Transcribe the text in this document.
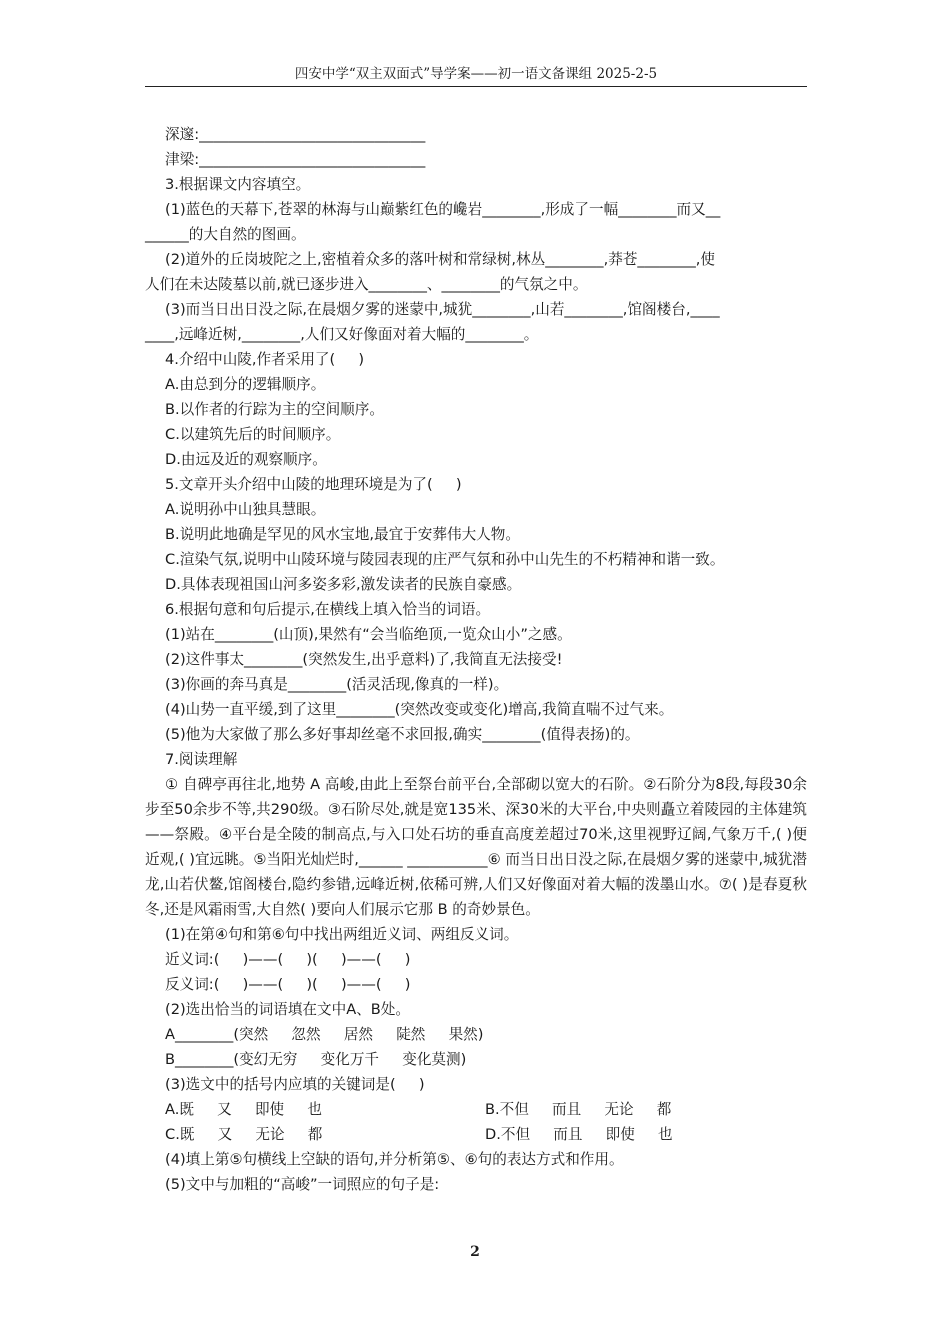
四安中学“双主双面式”导学案——初一语文备课组 2025-2-5
深邃:_______________________________
津梁:_______________________________
3.根据课文内容填空。
(1)蓝色的天幕下,苍翠的林海与山巅紫红色的巉岩________,形成了一幅________而又__
______的大自然的图画。
(2)道外的丘岗坡陀之上,密植着众多的落叶树和常绿树,林丛________,莽苍________,使
人们在未达陵墓以前,就已逐步进入________、________的气氛之中。
(3)而当日出日没之际,在晨烟夕雾的迷蒙中,城犹________,山若________,馆阁楼台,____
____,远峰近树,________,人们又好像面对着大幅的________。
4.介绍中山陵,作者采用了(     )
A.由总到分的逻辑顺序。
B.以作者的行踪为主的空间顺序。
C.以建筑先后的时间顺序。
D.由远及近的观察顺序。
5.文章开头介绍中山陵的地理环境是为了(     )
A.说明孙中山独具慧眼。
B.说明此地确是罕见的风水宝地,最宜于安葬伟大人物。
C.渲染气氛,说明中山陵环境与陵园表现的庄严气氛和孙中山先生的不朽精神和谐一致。
D.具体表现祖国山河多姿多彩,激发读者的民族自豪感。
6.根据句意和句后提示,在横线上填入恰当的词语。
(1)站在________(山顶),果然有“会当临绝顶,一览众山小”之感。
(2)这件事太________(突然发生,出乎意料)了,我简直无法接受!
(3)你画的奔马真是________(活灵活现,像真的一样)。
(4)山势一直平缓,到了这里________(突然改变或变化)增高,我简直喘不过气来。
(5)他为大家做了那么多好事却丝毫不求回报,确实________(值得表扬)的。
7.阅读理解
① 自碑亭再往北,地势 A 高峻,由此上至祭台前平台,全部砌以宽大的石阶。②石阶分为8段,每段30余步至50余步不等,共290级。③石阶尽处,就是宽135米、深30米的大平台,中央则矗立着陵园的主体建筑——祭殿。④平台是全陵的制高点,与入口处石坊的垂直高度差超过70米,这里视野辽阔,气象万千,( )便近观,( )宜远眺。⑤当阳光灿烂时,______ ___________⑥ 而当日出日没之际,在晨烟夕雾的迷蒙中,城犹潜龙,山若伏鳌,馆阁楼台,隐约参错,远峰近树,依稀可辨,人们又好像面对着大幅的泼墨山水。⑦( )是春夏秋冬,还是风霜雨雪,大自然( )要向人们展示它那 B 的奇妙景色。
(1)在第④句和第⑥句中找出两组近义词、两组反义词。
近义词:(     )——(     )(     )——(     )
反义词:(     )——(     )(     )——(     )
(2)选出恰当的词语填在文中A、B处。
A________(突然     忽然     居然     陡然     果然)
B________(变幻无穷     变化万千     变化莫测)
(3)选文中的括号内应填的关键词是(     )
A.既     又     即使     也	B.不但     而且     无论     都
C.既     又     无论     都	D.不但     而且     即使     也
(4)填上第⑤句横线上空缺的语句,并分析第⑤、⑥句的表达方式和作用。
(5)文中与加粗的“高峻”一词照应的句子是:
2
